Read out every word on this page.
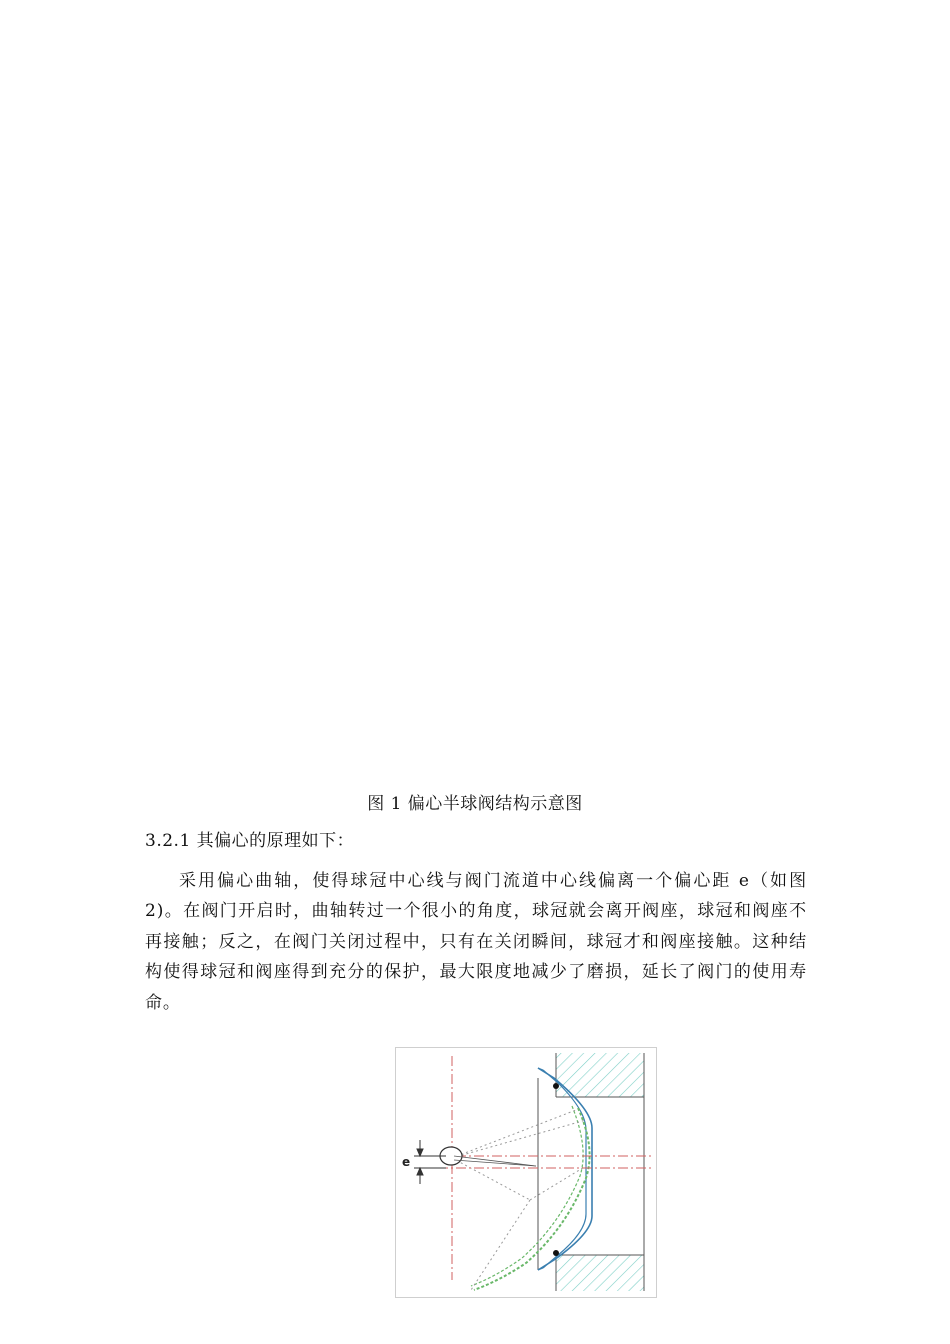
图 1 偏心半球阀结构示意图
3.2.1 其偏心的原理如下：

采用偏心曲轴，使得球冠中心线与阀门流道中心线偏离一个偏心距 e（如图 2)。在阀门开启时，曲轴转过一个很小的角度，球冠就会离开阀座，球冠和阀座不再接触；反之，在阀门关闭过程中，只有在关闭瞬间，球冠才和阀座接触。这种结构使得球冠和阀座得到充分的保护，最大限度地减少了磨损，延长了阀门的使用寿命。

e
